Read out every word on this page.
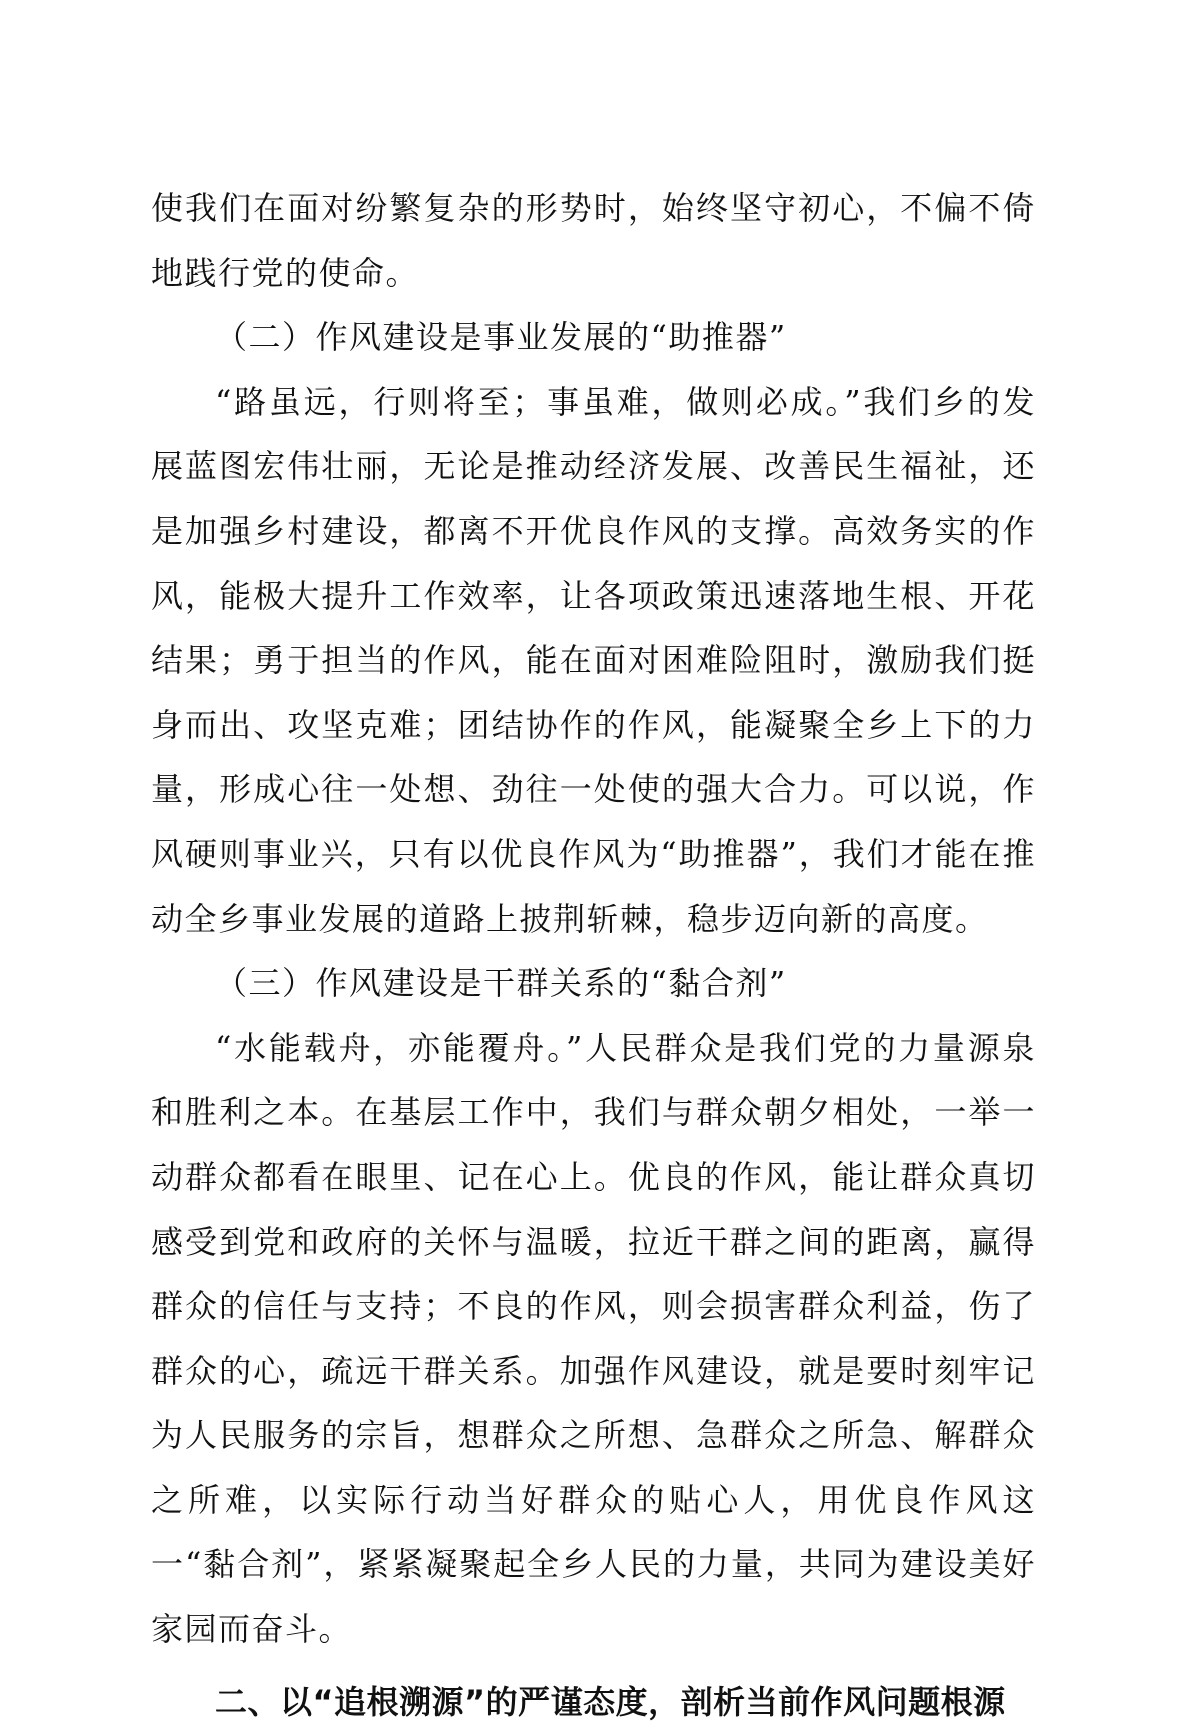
使我们在面对纷繁复杂的形势时，始终坚守初心，不偏不倚地践行党的使命。

（二）作风建设是事业发展的“助推器”

“路虽远，行则将至；事虽难，做则必成。”我们乡的发展蓝图宏伟壮丽，无论是推动经济发展、改善民生福祉，还是加强乡村建设，都离不开优良作风的支撑。高效务实的作风，能极大提升工作效率，让各项政策迅速落地生根、开花结果；勇于担当的作风，能在面对困难险阻时，激励我们挺身而出、攻坚克难；团结协作的作风，能凝聚全乡上下的力量，形成心往一处想、劲往一处使的强大合力。可以说，作风硬则事业兴，只有以优良作风为“助推器”，我们才能在推动全乡事业发展的道路上披荆斩棘，稳步迈向新的高度。

（三）作风建设是干群关系的“黏合剂”

“水能载舟，亦能覆舟。”人民群众是我们党的力量源泉和胜利之本。在基层工作中，我们与群众朝夕相处，一举一动群众都看在眼里、记在心上。优良的作风，能让群众真切感受到党和政府的关怀与温暖，拉近干群之间的距离，赢得群众的信任与支持；不良的作风，则会损害群众利益，伤了群众的心，疏远干群关系。加强作风建设，就是要时刻牢记为人民服务的宗旨，想群众之所想、急群众之所急、解群众之所难，以实际行动当好群众的贴心人，用优良作风这一“黏合剂”，紧紧凝聚起全乡人民的力量，共同为建设美好家园而奋斗。

二、以“追根溯源”的严谨态度，剖析当前作风问题根源
